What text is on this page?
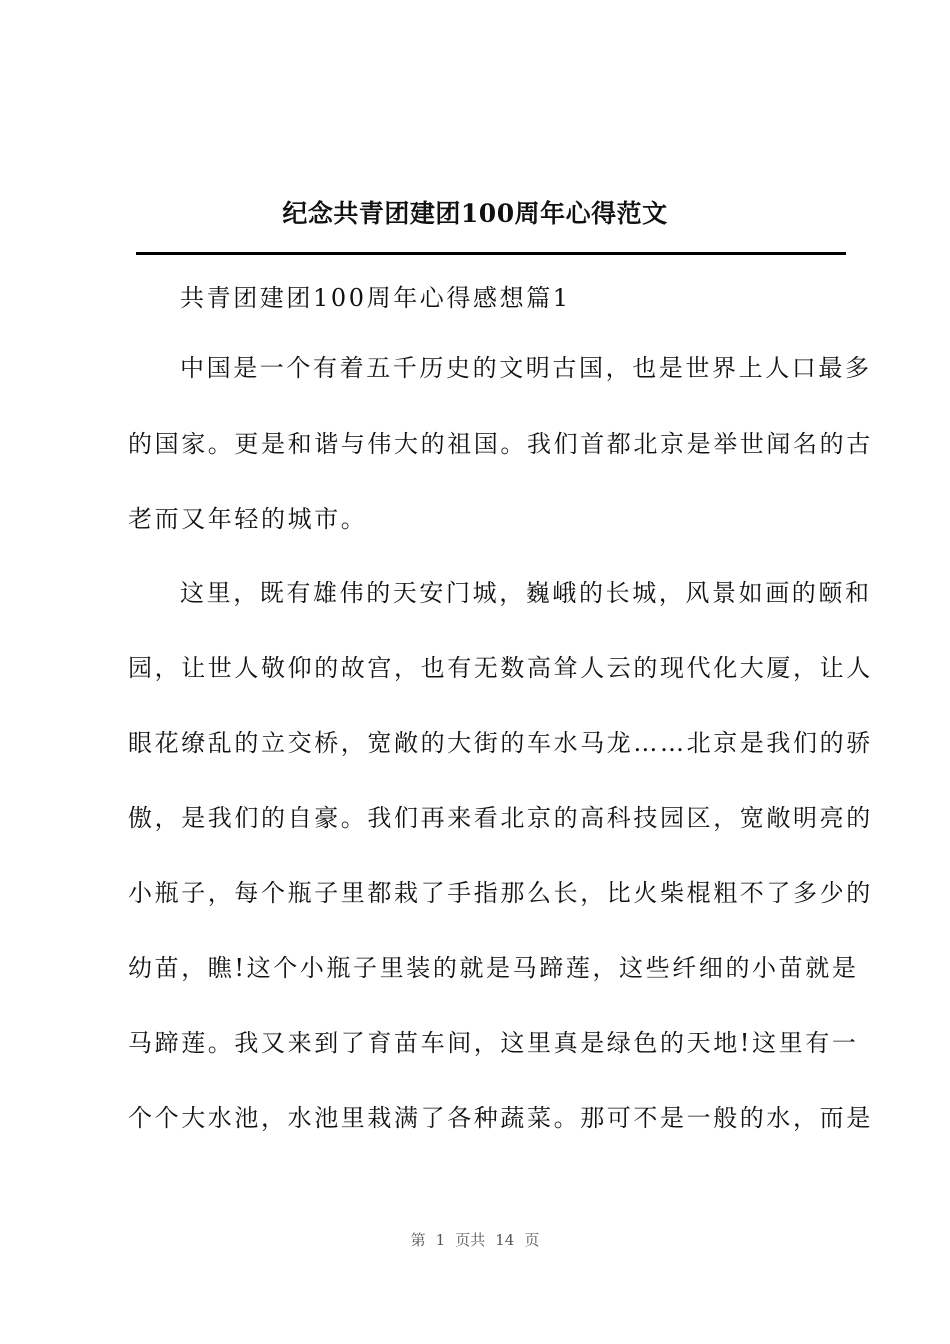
纪念共青团建团100周年心得范文
共青团建团100周年心得感想篇1
中国是一个有着五千历史的文明古国，也是世界上人口最多
的国家。更是和谐与伟大的祖国。我们首都北京是举世闻名的古
老而又年轻的城市。
这里，既有雄伟的天安门城，巍峨的长城，风景如画的颐和
园，让世人敬仰的故宫，也有无数高耸人云的现代化大厦，让人
眼花缭乱的立交桥，宽敞的大街的车水马龙……北京是我们的骄
傲，是我们的自豪。我们再来看北京的高科技园区，宽敞明亮的
小瓶子，每个瓶子里都栽了手指那么长，比火柴棍粗不了多少的
幼苗，瞧!这个小瓶子里装的就是马蹄莲，这些纤细的小苗就是
马蹄莲。我又来到了育苗车间，这里真是绿色的天地!这里有一
个个大水池，水池里栽满了各种蔬菜。那可不是一般的水，而是
第 1 页共 14 页
